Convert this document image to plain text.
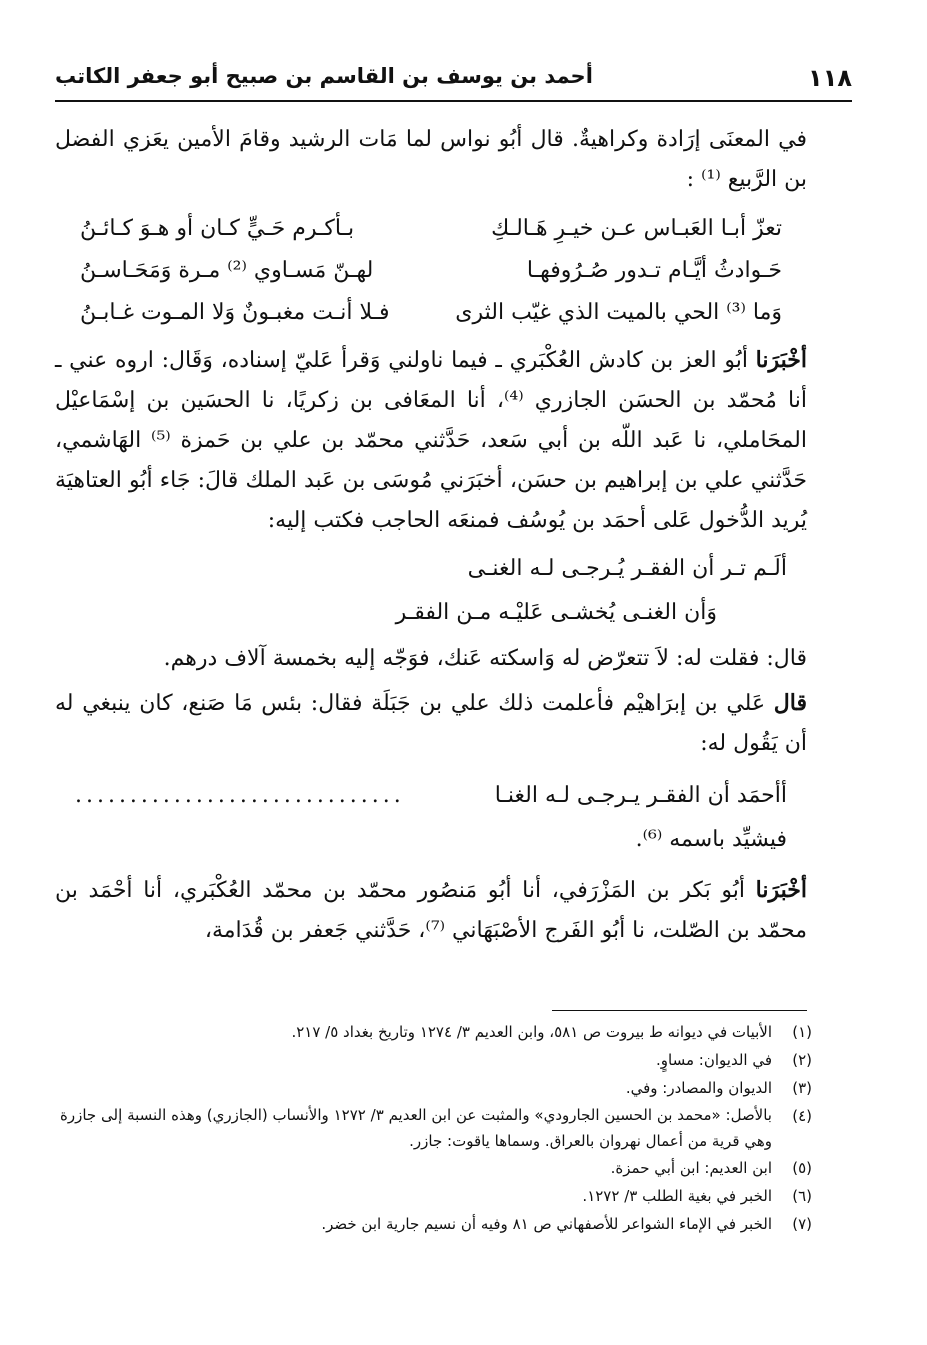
١١٨
أحمد بن يوسف بن القاسم بن صبيح أبو جعفر الكاتب

في المعنَى إرَادة وكراهيةٌ. قال أبُو نواس لما مَات الرشيد وقامَ الأمين يعَزي الفضل بن الرَّبيع ⁽¹⁾ :

تعزّ أبـا العَبـاس عـن خيـرِ هَـالـكِ
بـأكـرم حَـيٍّ كـان أو هـوَ كـائـنُ
حَـوادثُ أيَّـام تـدور صُـرُوفهـا
لهـنّ مَسـاوي ⁽²⁾ مـرة وَمَحَـاسـنُ
وَما ⁽³⁾ الحي بالميت الذي غيّب الثرى
فـلا أنـت مغبـونٌ وَلا المـوت غـابـنُ

أخْبَرَنا أبُو العز بن كادش العُكْبَري ـ فيما ناولني وَقرأ عَليّ إسناده، وَقَال: اروه عني ـ أنا مُحمّد بن الحسَن الجازري ⁽⁴⁾، أنا المعَافى بن زكريًا، نا الحسَين بن إسْمَاعيْل المحَاملي، نا عَبد اللّه بن أبي سَعد، حَدَّثني محمّد بن علي بن حَمزة ⁽⁵⁾ الهَاشمي، حَدَّثني علي بن إبراهيم بن حسَن، أخبَرَني مُوسَى بن عَبد الملك قالَ: جَاء أبُو العتاهيَة يُريد الدُّخول عَلى أحمَد بن يُوسُف فمنعَه الحاجب فكتب إليه:

ألَـم تـر أن الفقـر يُـرجـى لـه الغنـى
وَأن الغنـى يُخشـى عَليْـه مـن الفقـر

قال: فقلت له: لاَ تتعرّض له وَاسكته عَنك، فوَجّه إليه بخمسة آلاف درهم.

قال عَلي بن إبرَاهيْم فأعلمت ذلك علي بن جَبَلَة فقال: بئس مَا صَنع، كان ينبغي له أن يَقُول له:

أأحمَد أن الفقـر يـرجـى لـه الغنـا
..............................
فيشيِّد باسمه ⁽⁶⁾.

أخْبَرَنا أبُو بَكر بن المَزْرَفي، أنا أبُو مَنصُور محمّد بن محمّد العُكْبَري، أنا أحْمَد بن محمّد بن الصّلت، نا أبُو الفَرج الأصْبَهَاني ⁽⁷⁾، حَدَّثني جَعفر بن قُدَامة،

(١)
الأبيات في ديوانه ط بيروت ص ٥٨١، وابن العديم ٣/ ١٢٧٤ وتاريخ بغداد ٥/ ٢١٧.
(٢)
في الديوان: مساوٍ.
(٣)
الديوان والمصادر: وفي.
(٤)
بالأصل: «محمد بن الحسين الجارودي» والمثبت عن ابن العديم ٣/ ١٢٧٢ والأنساب (الجازري) وهذه النسبة إلى جازرة وهي قرية من أعمال نهروان بالعراق. وسماها ياقوت: جازر.
(٥)
ابن العديم: ابن أبي حمزة.
(٦)
الخبر في بغية الطلب ٣/ ١٢٧٢.
(٧)
الخبر في الإماء الشواعر للأصفهاني ص ٨١ وفيه أن نسيم جارية ابن خضر.
